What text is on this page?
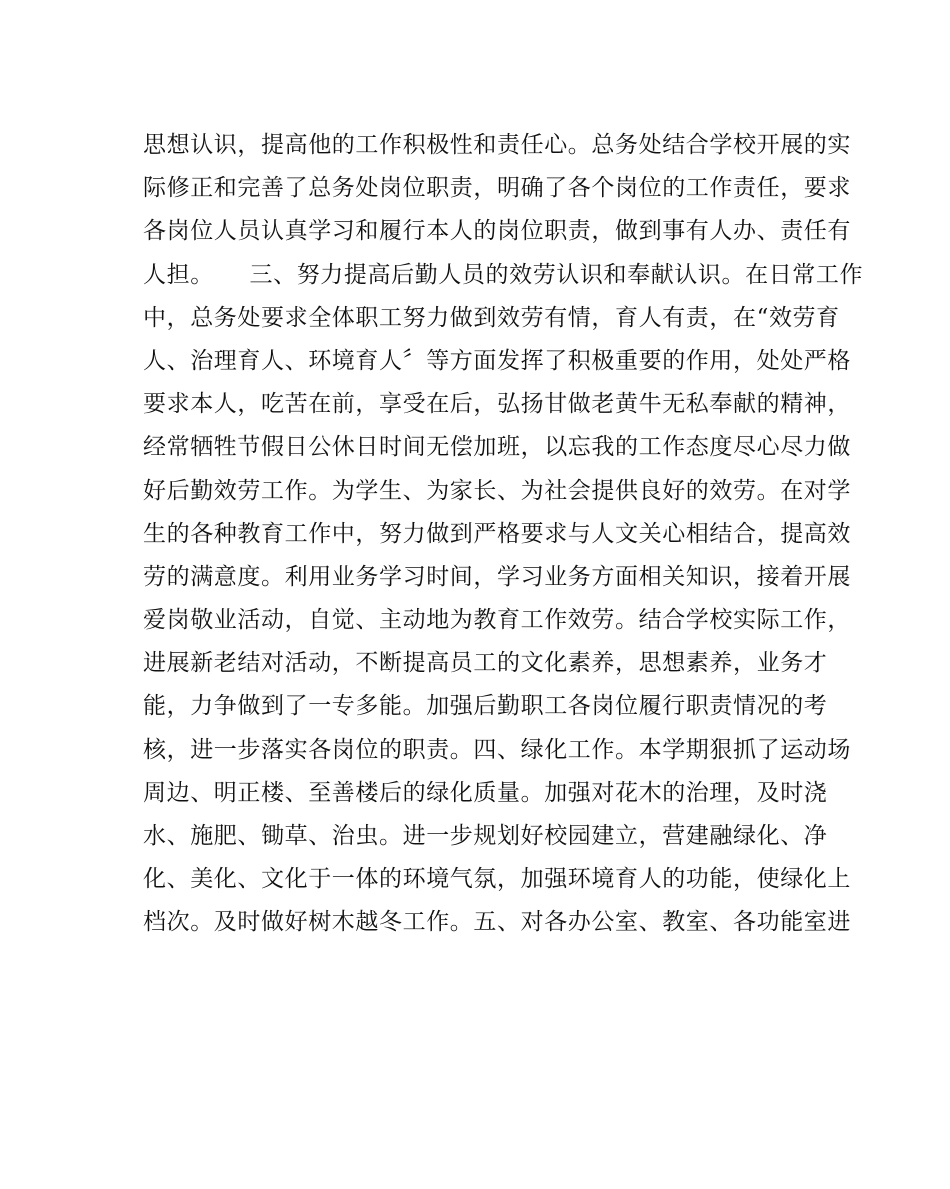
思想认识，提高他的工作积极性和责任心。总务处结合学校开展的实
际修正和完善了总务处岗位职责，明确了各个岗位的工作责任，要求
各岗位人员认真学习和履行本人的岗位职责，做到事有人办、责任有
人担。　　三、努力提高后勤人员的效劳认识和奉献认识。在日常工作
中，总务处要求全体职工努力做到效劳有情，育人有责，在“效劳育
人、治理育人、环境育人〞等方面发挥了积极重要的作用，处处严格
要求本人，吃苦在前，享受在后，弘扬甘做老黄牛无私奉献的精神，
经常牺牲节假日公休日时间无偿加班，以忘我的工作态度尽心尽力做
好后勤效劳工作。为学生、为家长、为社会提供良好的效劳。在对学
生的各种教育工作中，努力做到严格要求与人文关心相结合，提高效
劳的满意度。利用业务学习时间，学习业务方面相关知识，接着开展
爱岗敬业活动，自觉、主动地为教育工作效劳。结合学校实际工作，
进展新老结对活动，不断提高员工的文化素养，思想素养，业务才
能，力争做到了一专多能。加强后勤职工各岗位履行职责情况的考
核，进一步落实各岗位的职责。四、绿化工作。本学期狠抓了运动场
周边、明正楼、至善楼后的绿化质量。加强对花木的治理，及时浇
水、施肥、锄草、治虫。进一步规划好校园建立，营建融绿化、净
化、美化、文化于一体的环境气氛，加强环境育人的功能，使绿化上
档次。及时做好树木越冬工作。五、对各办公室、教室、各功能室进
